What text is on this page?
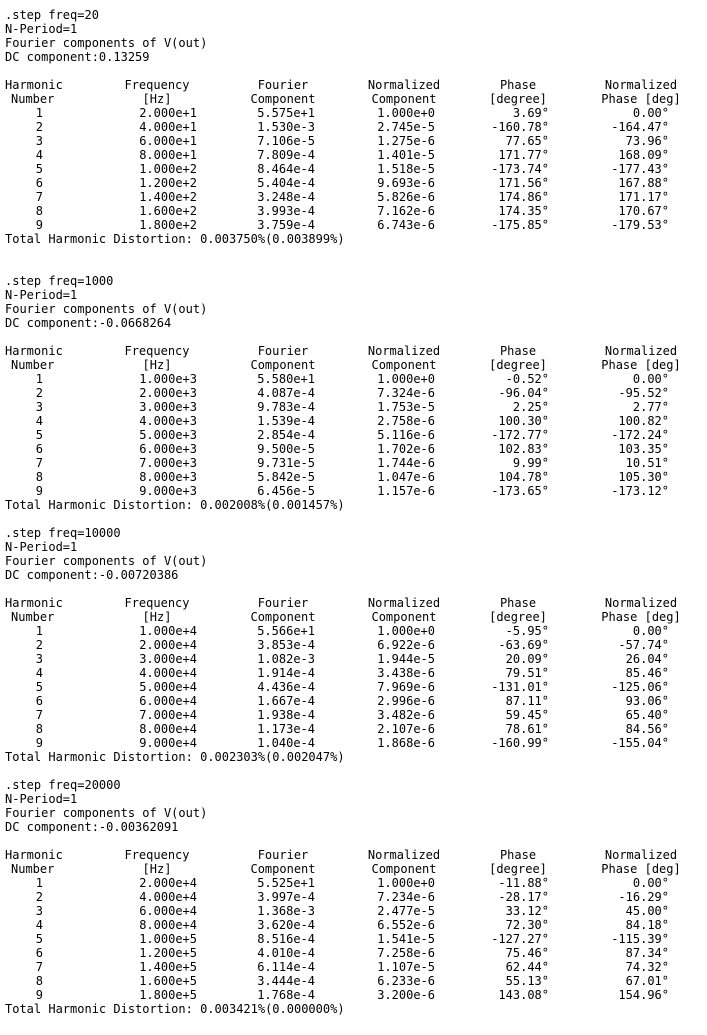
.step freq=20
N-Period=1
Fourier components of V(out)
DC component:0.13259
Harmonic	Frequency	Fourier	Normalized	Phase	Normalized
Number	[Hz]	Component	Component	[degree]	Phase [deg]
1	2.000e+1	5.575e+1	1.000e+0	3.69°	0.00°
2	4.000e+1	1.530e-3	2.745e-5	-160.78°	-164.47°
3	6.000e+1	7.106e-5	1.275e-6	77.65°	73.96°
4	8.000e+1	7.809e-4	1.401e-5	171.77°	168.09°
5	1.000e+2	8.464e-4	1.518e-5	-173.74°	-177.43°
6	1.200e+2	5.404e-4	9.693e-6	171.56°	167.88°
7	1.400e+2	3.248e-4	5.826e-6	174.86°	171.17°
8	1.600e+2	3.993e-4	7.162e-6	174.35°	170.67°
9	1.800e+2	3.759e-4	6.743e-6	-175.85°	-179.53°
Total Harmonic Distortion: 0.003750%(0.003899%)
.step freq=1000
N-Period=1
Fourier components of V(out)
DC component:-0.0668264
Harmonic	Frequency	Fourier	Normalized	Phase	Normalized
Number	[Hz]	Component	Component	[degree]	Phase [deg]
1	1.000e+3	5.580e+1	1.000e+0	-0.52°	0.00°
2	2.000e+3	4.087e-4	7.324e-6	-96.04°	-95.52°
3	3.000e+3	9.783e-4	1.753e-5	2.25°	2.77°
4	4.000e+3	1.539e-4	2.758e-6	100.30°	100.82°
5	5.000e+3	2.854e-4	5.116e-6	-172.77°	-172.24°
6	6.000e+3	9.500e-5	1.702e-6	102.83°	103.35°
7	7.000e+3	9.731e-5	1.744e-6	9.99°	10.51°
8	8.000e+3	5.842e-5	1.047e-6	104.78°	105.30°
9	9.000e+3	6.456e-5	1.157e-6	-173.65°	-173.12°
Total Harmonic Distortion: 0.002008%(0.001457%)
.step freq=10000
N-Period=1
Fourier components of V(out)
DC component:-0.00720386
Harmonic	Frequency	Fourier	Normalized	Phase	Normalized
Number	[Hz]	Component	Component	[degree]	Phase [deg]
1	1.000e+4	5.566e+1	1.000e+0	-5.95°	0.00°
2	2.000e+4	3.853e-4	6.922e-6	-63.69°	-57.74°
3	3.000e+4	1.082e-3	1.944e-5	20.09°	26.04°
4	4.000e+4	1.914e-4	3.438e-6	79.51°	85.46°
5	5.000e+4	4.436e-4	7.969e-6	-131.01°	-125.06°
6	6.000e+4	1.667e-4	2.996e-6	87.11°	93.06°
7	7.000e+4	1.938e-4	3.482e-6	59.45°	65.40°
8	8.000e+4	1.173e-4	2.107e-6	78.61°	84.56°
9	9.000e+4	1.040e-4	1.868e-6	-160.99°	-155.04°
Total Harmonic Distortion: 0.002303%(0.002047%)
.step freq=20000
N-Period=1
Fourier components of V(out)
DC component:-0.00362091
Harmonic	Frequency	Fourier	Normalized	Phase	Normalized
Number	[Hz]	Component	Component	[degree]	Phase [deg]
1	2.000e+4	5.525e+1	1.000e+0	-11.88°	0.00°
2	4.000e+4	3.997e-4	7.234e-6	-28.17°	-16.29°
3	6.000e+4	1.368e-3	2.477e-5	33.12°	45.00°
4	8.000e+4	3.620e-4	6.552e-6	72.30°	84.18°
5	1.000e+5	8.516e-4	1.541e-5	-127.27°	-115.39°
6	1.200e+5	4.010e-4	7.258e-6	75.46°	87.34°
7	1.400e+5	6.114e-4	1.107e-5	62.44°	74.32°
8	1.600e+5	3.444e-4	6.233e-6	55.13°	67.01°
9	1.800e+5	1.768e-4	3.200e-6	143.08°	154.96°
Total Harmonic Distortion: 0.003421%(0.000000%)
